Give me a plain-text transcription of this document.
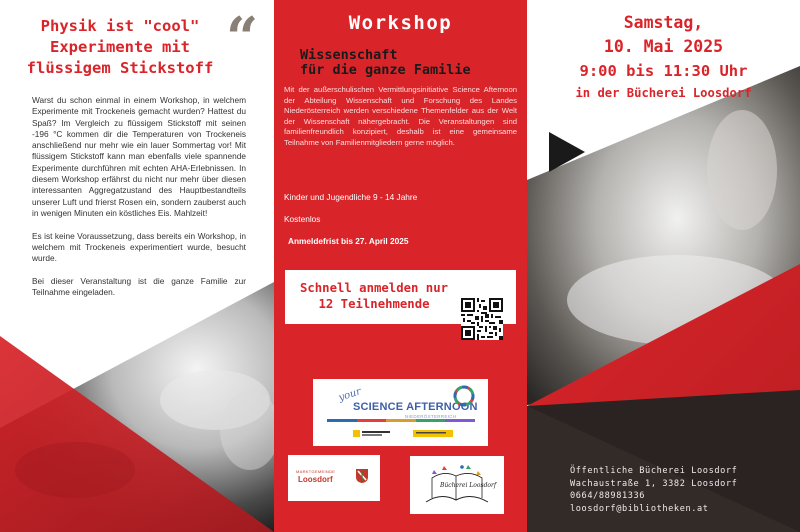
Physik ist "cool"
Experimente mit
flüssigem Stickstoff “

Warst du schon einmal in einem Workshop, in welchem Experimente mit Trockeneis gemacht wurden? Hattest du Spaß? Im Vergleich zu flüssigem Stickstoff mit seinen -196 °C kommen dir die Temperaturen von Trockeneis anschließend nur mehr wie ein lauer Sommertag vor! Mit flüssigem Stickstoff kann man ebenfalls viele spannende Experimente durchführen mit echten AHA-Erlebnissen. In diesem Workshop erfährst du nicht nur mehr über diesen interessanten Aggregatzustand des Hauptbestandteils unserer Luft und frierst Rosen ein, sondern zauberst auch in wenigen Minuten ein köstliches Eis. Mahlzeit!

Es ist keine Voraussetzung, dass bereits ein Workshop, in welchem mit Trockeneis experimentiert wurde, besucht wurde.

Bei dieser Veranstaltung ist die ganze Familie zur Teilnahme eingeladen.

Workshop
Wissenschaft
für die ganze Familie

Mit der außerschulischen Vermittlungsinitiative Science Afternoon der Abteilung Wissenschaft und Forschung des Landes Niederösterreich werden verschiedene Themenfelder aus der Welt der Wissenschaft nähergebracht. Die Veranstaltungen sind familienfreundlich konzipiert, deshalb ist eine gemeinsame Teilnahme von Familienmitgliedern gerne möglich.

Kinder und Jugendliche 9 - 14 Jahre

Kostenlos

Anmeldefrist bis 27. April 2025

Schnell anmelden nur
12 Teilnehmende
your
SCIENCE AFTERNOON
NIEDERÖSTERREICH
MARKTGEMEINDE
Loosdorf
Bücherei Loosdorf

Samstag,

10. Mai 2025

9:00 bis 11:30 Uhr

in der Bücherei Loosdorf

Öffentliche Bücherei Loosdorf
Wachaustraße 1, 3382 Loosdorf
0664/88981336
loosdorf@bibliotheken.at
